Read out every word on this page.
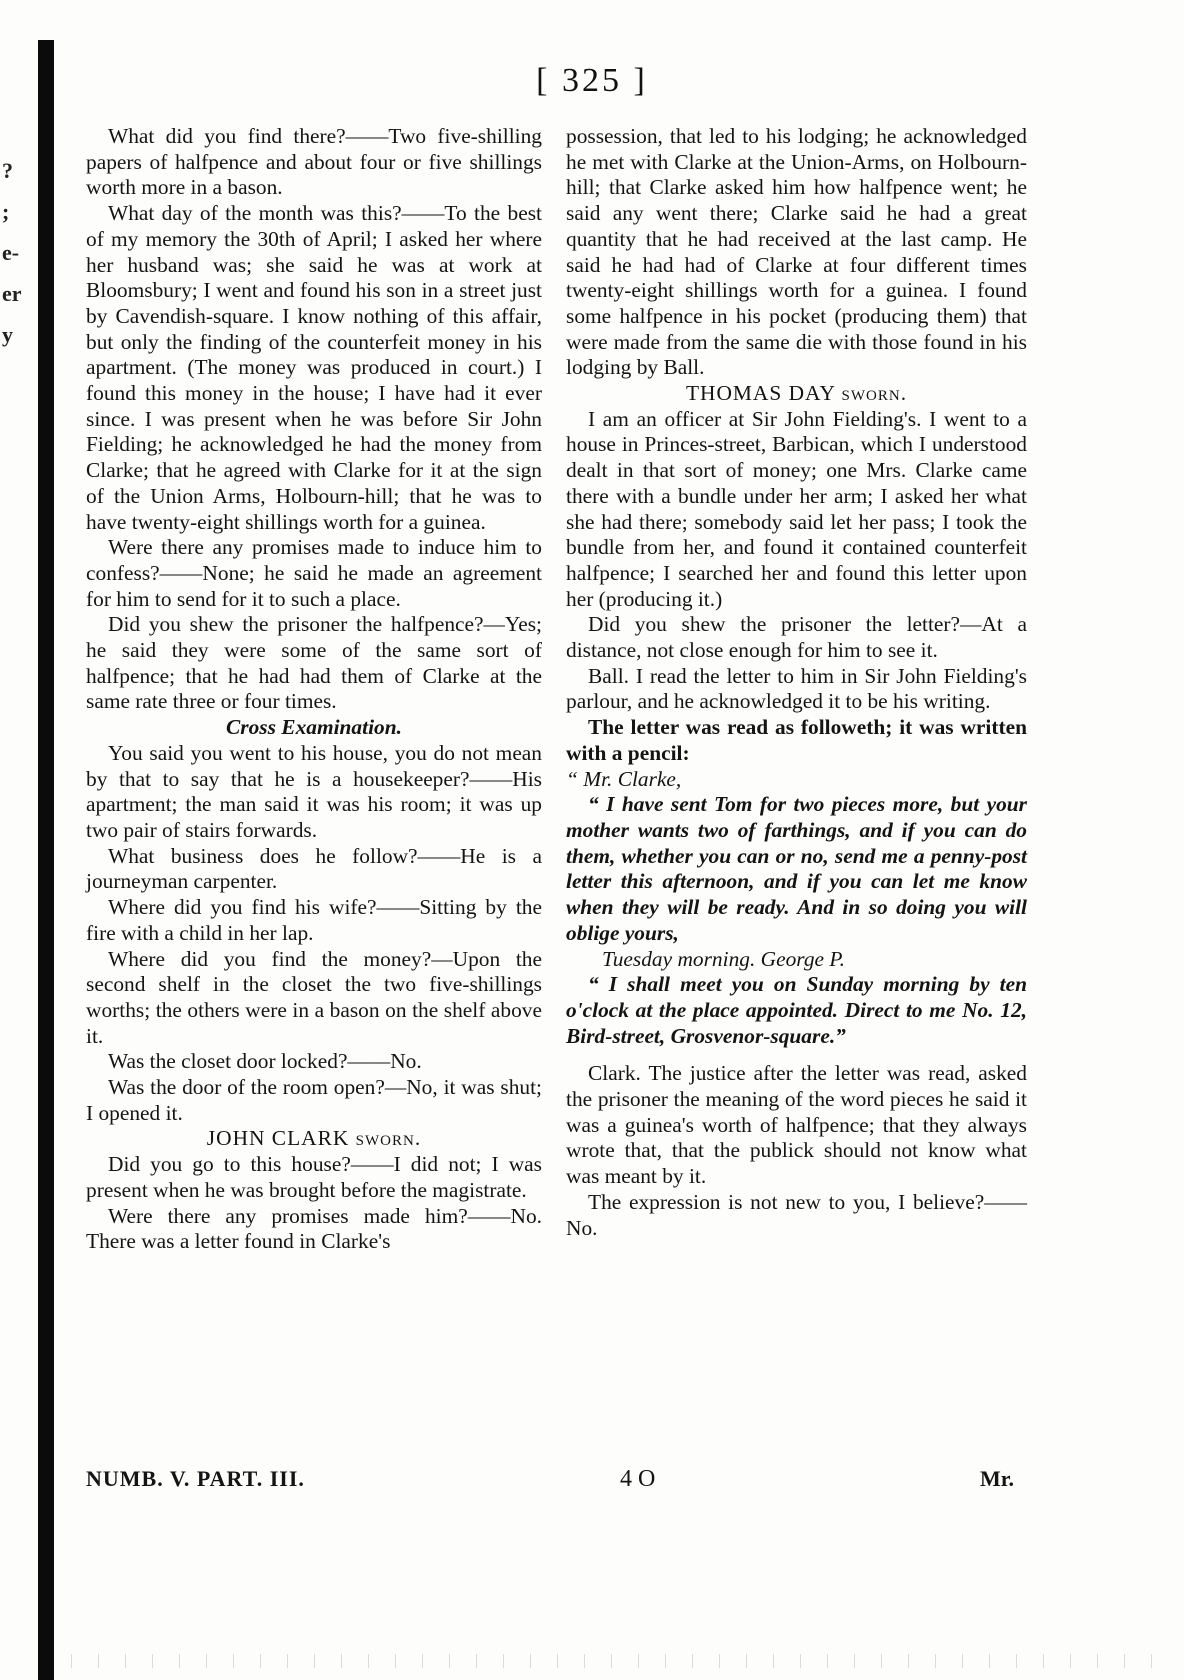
?
;
e-
er
y
[ 325 ]

What did you find there?——Two five-shilling papers of halfpence and about four or five shillings worth more in a bason.

What day of the month was this?——To the best of my memory the 30th of April; I asked her where her husband was; she said he was at work at Bloomsbury; I went and found his son in a street just by Cavendish-square. I know nothing of this affair, but only the finding of the counterfeit money in his apartment. (The money was produced in court.) I found this money in the house; I have had it ever since. I was present when he was before Sir John Fielding; he acknowledged he had the money from Clarke; that he agreed with Clarke for it at the sign of the Union Arms, Holbourn-hill; that he was to have twenty-eight shillings worth for a guinea.

Were there any promises made to induce him to confess?——None; he said he made an agreement for him to send for it to such a place.

Did you shew the prisoner the halfpence?—Yes; he said they were some of the same sort of halfpence; that he had had them of Clarke at the same rate three or four times.

Cross Examination.

You said you went to his house, you do not mean by that to say that he is a housekeeper?——His apartment; the man said it was his room; it was up two pair of stairs forwards.

What business does he follow?——He is a journeyman carpenter.

Where did you find his wife?——Sitting by the fire with a child in her lap.

Where did you find the money?—Upon the second shelf in the closet the two five-shillings worths; the others were in a bason on the shelf above it.

Was the closet door locked?——No.

Was the door of the room open?—No, it was shut; I opened it.

JOHN CLARK sworn.

Did you go to this house?——I did not; I was present when he was brought before the magistrate.

Were there any promises made him?——No. There was a letter found in Clarke's

possession, that led to his lodging; he acknowledged he met with Clarke at the Union-Arms, on Holbourn-hill; that Clarke asked him how halfpence went; he said any went there; Clarke said he had a great quantity that he had received at the last camp. He said he had had of Clarke at four different times twenty-eight shillings worth for a guinea. I found some halfpence in his pocket (producing them) that were made from the same die with those found in his lodging by Ball.

THOMAS DAY sworn.

I am an officer at Sir John Fielding's. I went to a house in Princes-street, Barbican, which I understood dealt in that sort of money; one Mrs. Clarke came there with a bundle under her arm; I asked her what she had there; somebody said let her pass; I took the bundle from her, and found it contained counterfeit halfpence; I searched her and found this letter upon her (producing it.)

Did you shew the prisoner the letter?—At a distance, not close enough for him to see it.

Ball. I read the letter to him in Sir John Fielding's parlour, and he acknowledged it to be his writing.

The letter was read as followeth; it was written with a pencil:

“ Mr. Clarke,

“ I have sent Tom for two pieces more, but your mother wants two of farthings, and if you can do them, whether you can or no, send me a penny-post letter this afternoon, and if you can let me know when they will be ready. And in so doing you will oblige yours,

Tuesday morning. George P.

“ I shall meet you on Sunday morning by ten o'clock at the place appointed. Direct to me No. 12, Bird-street, Grosvenor-square.”

Clark. The justice after the letter was read, asked the prisoner the meaning of the word pieces he said it was a guinea's worth of halfpence; that they always wrote that, that the publick should not know what was meant by it.

The expression is not new to you, I believe?——No.

NUMB. V. PART. III.	4 O	Mr.
